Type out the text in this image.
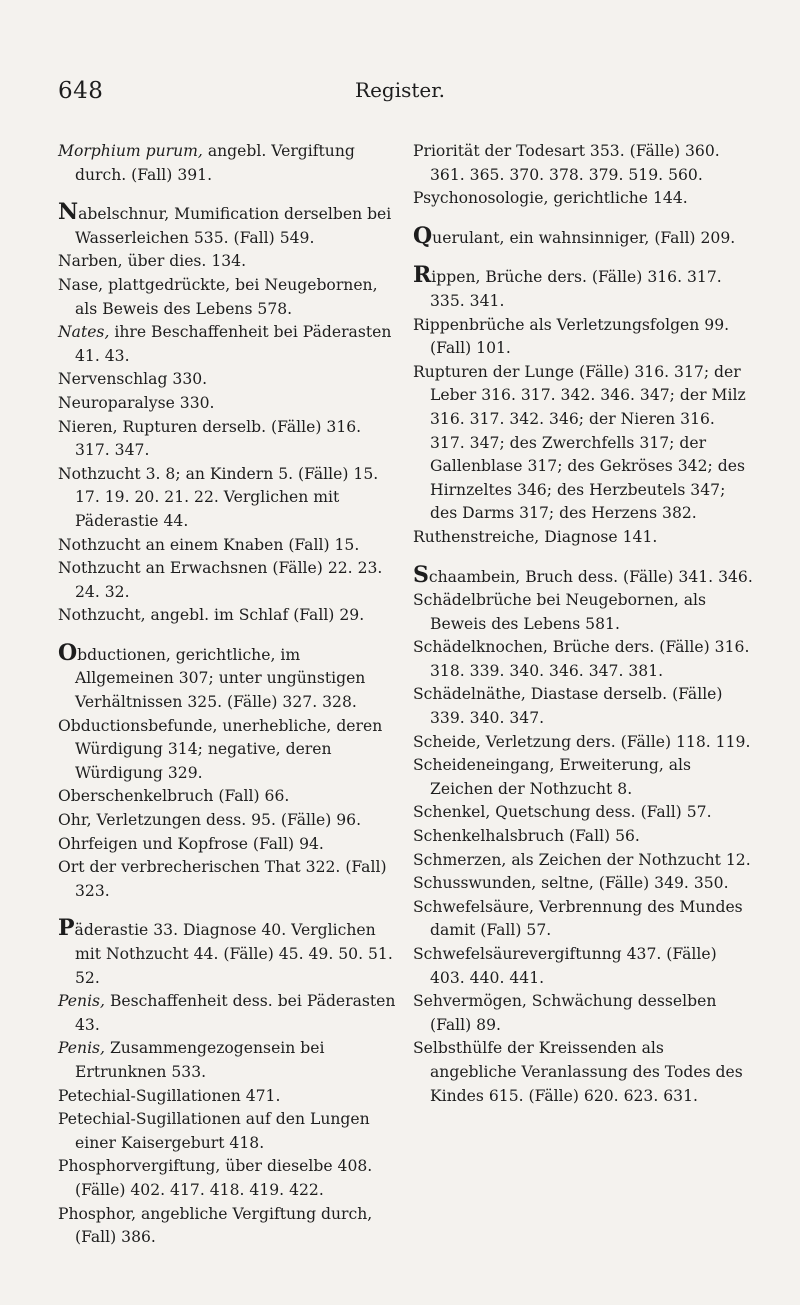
648	Register.

Morphium purum, angebl. Vergiftung durch. (Fall) 391.

Nabelschnur, Mumification derselben bei Wasserleichen 535. (Fall) 549.

Narben, über dies. 134.

Nase, plattgedrückte, bei Neugebornen, als Beweis des Lebens 578.

Nates, ihre Beschaffenheit bei Päderasten 41. 43.

Nervenschlag 330.

Neuroparalyse 330.

Nieren, Rupturen derselb. (Fälle) 316. 317. 347.

Nothzucht 3. 8; an Kindern 5. (Fälle) 15. 17. 19. 20. 21. 22. Verglichen mit Päderastie 44.

Nothzucht an einem Knaben (Fall) 15.

Nothzucht an Erwachsnen (Fälle) 22. 23. 24. 32.

Nothzucht, angebl. im Schlaf (Fall) 29.

Obductionen, gerichtliche, im Allgemeinen 307; unter ungünstigen Verhältnissen 325. (Fälle) 327. 328.

Obductionsbefunde, unerhebliche, deren Würdigung 314; negative, deren Würdigung 329.

Oberschenkelbruch (Fall) 66.

Ohr, Verletzungen dess. 95. (Fälle) 96.

Ohrfeigen und Kopfrose (Fall) 94.

Ort der verbrecherischen That 322. (Fall) 323.

Päderastie 33. Diagnose 40. Verglichen mit Nothzucht 44. (Fälle) 45. 49. 50. 51. 52.

Penis, Beschaffenheit dess. bei Päderasten 43.

Penis, Zusammengezogensein bei Ertrunknen 533.

Petechial-Sugillationen 471.

Petechial-Sugillationen auf den Lungen einer Kaisergeburt 418.

Phosphorvergiftung, über dieselbe 408. (Fälle) 402. 417. 418. 419. 422.

Phosphor, angebliche Vergiftung durch, (Fall) 386.

Priorität der Todesart 353. (Fälle) 360. 361. 365. 370. 378. 379. 519. 560.

Psychonosologie, gerichtliche 144.

Querulant, ein wahnsinniger, (Fall) 209.

Rippen, Brüche ders. (Fälle) 316. 317. 335. 341.

Rippenbrüche als Verletzungsfolgen 99. (Fall) 101.

Rupturen der Lunge (Fälle) 316. 317; der Leber 316. 317. 342. 346. 347; der Milz 316. 317. 342. 346; der Nieren 316. 317. 347; des Zwerchfells 317; der Gallenblase 317; des Gekröses 342; des Hirnzeltes 346; des Herzbeutels 347; des Darms 317; des Herzens 382.

Ruthenstreiche, Diagnose 141.

Schaambein, Bruch dess. (Fälle) 341. 346.

Schädelbrüche bei Neugebornen, als Beweis des Lebens 581.

Schädelknochen, Brüche ders. (Fälle) 316. 318. 339. 340. 346. 347. 381.

Schädelnäthe, Diastase derselb. (Fälle) 339. 340. 347.

Scheide, Verletzung ders. (Fälle) 118. 119.

Scheideneingang, Erweiterung, als Zeichen der Nothzucht 8.

Schenkel, Quetschung dess. (Fall) 57.

Schenkelhalsbruch (Fall) 56.

Schmerzen, als Zeichen der Nothzucht 12.

Schusswunden, seltne, (Fälle) 349. 350.

Schwefelsäure, Verbrennung des Mundes damit (Fall) 57.

Schwefelsäurevergiftunng 437. (Fälle) 403. 440. 441.

Sehvermögen, Schwächung desselben (Fall) 89.

Selbsthülfe der Kreissenden als angebliche Veranlassung des Todes des Kindes 615. (Fälle) 620. 623. 631.
